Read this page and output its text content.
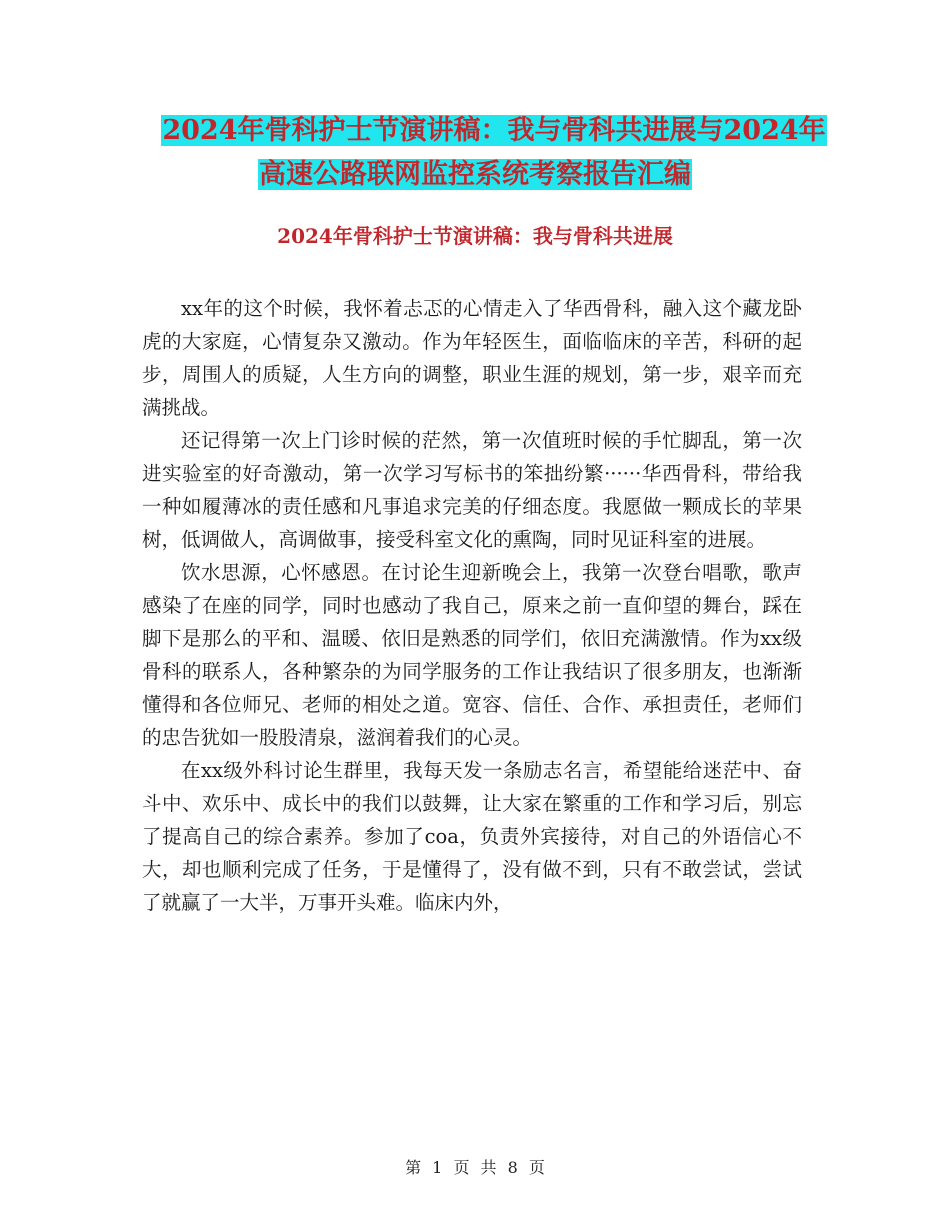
2024年骨科护士节演讲稿：我与骨科共进展与2024年
高速公路联网监控系统考察报告汇编
2024年骨科护士节演讲稿：我与骨科共进展

xx年的这个时候，我怀着忐忑的心情走入了华西骨科，融入这个藏龙卧虎的大家庭，心情复杂又激动。作为年轻医生，面临临床的辛苦，科研的起步，周围人的质疑，人生方向的调整，职业生涯的规划，第一步，艰辛而充满挑战。

还记得第一次上门诊时候的茫然，第一次值班时候的手忙脚乱，第一次进实验室的好奇激动，第一次学习写标书的笨拙纷繁······华西骨科，带给我一种如履薄冰的责任感和凡事追求完美的仔细态度。我愿做一颗成长的苹果树，低调做人，高调做事，接受科室文化的熏陶，同时见证科室的进展。

饮水思源，心怀感恩。在讨论生迎新晚会上，我第一次登台唱歌，歌声感染了在座的同学，同时也感动了我自己，原来之前一直仰望的舞台，踩在脚下是那么的平和、温暖、依旧是熟悉的同学们，依旧充满激情。作为xx级骨科的联系人，各种繁杂的为同学服务的工作让我结识了很多朋友，也渐渐懂得和各位师兄、老师的相处之道。宽容、信任、合作、承担责任，老师们的忠告犹如一股股清泉，滋润着我们的心灵。

在xx级外科讨论生群里，我每天发一条励志名言，希望能给迷茫中、奋斗中、欢乐中、成长中的我们以鼓舞，让大家在繁重的工作和学习后，别忘了提高自己的综合素养。参加了coa，负责外宾接待，对自己的外语信心不大，却也顺利完成了任务，于是懂得了，没有做不到，只有不敢尝试，尝试了就赢了一大半，万事开头难。临床内外，

第 1 页 共 8 页
